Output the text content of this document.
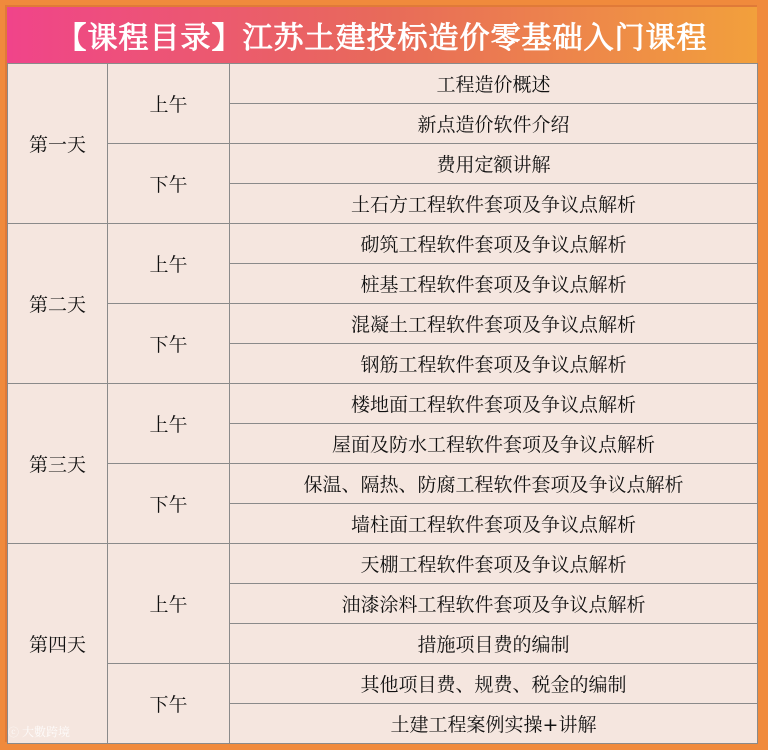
【课程目录】江苏土建投标造价零基础入门课程
第一天	上午	工程造价概述
		新点造价软件介绍
	下午	费用定额讲解
		土石方工程软件套项及争议点解析
第二天	上午	砌筑工程软件套项及争议点解析
		桩基工程软件套项及争议点解析
	下午	混凝土工程软件套项及争议点解析
		钢筋工程软件套项及争议点解析
第三天	上午	楼地面工程软件套项及争议点解析
		屋面及防水工程软件套项及争议点解析
	下午	保温、隔热、防腐工程软件套项及争议点解析
		墙柱面工程软件套项及争议点解析
第四天	上午	天棚工程软件套项及争议点解析
		油漆涂料工程软件套项及争议点解析
		措施项目费的编制
	下午	其他项目费、规费、税金的编制
		土建工程案例实操+讲解
ⓒ 大數跨境
